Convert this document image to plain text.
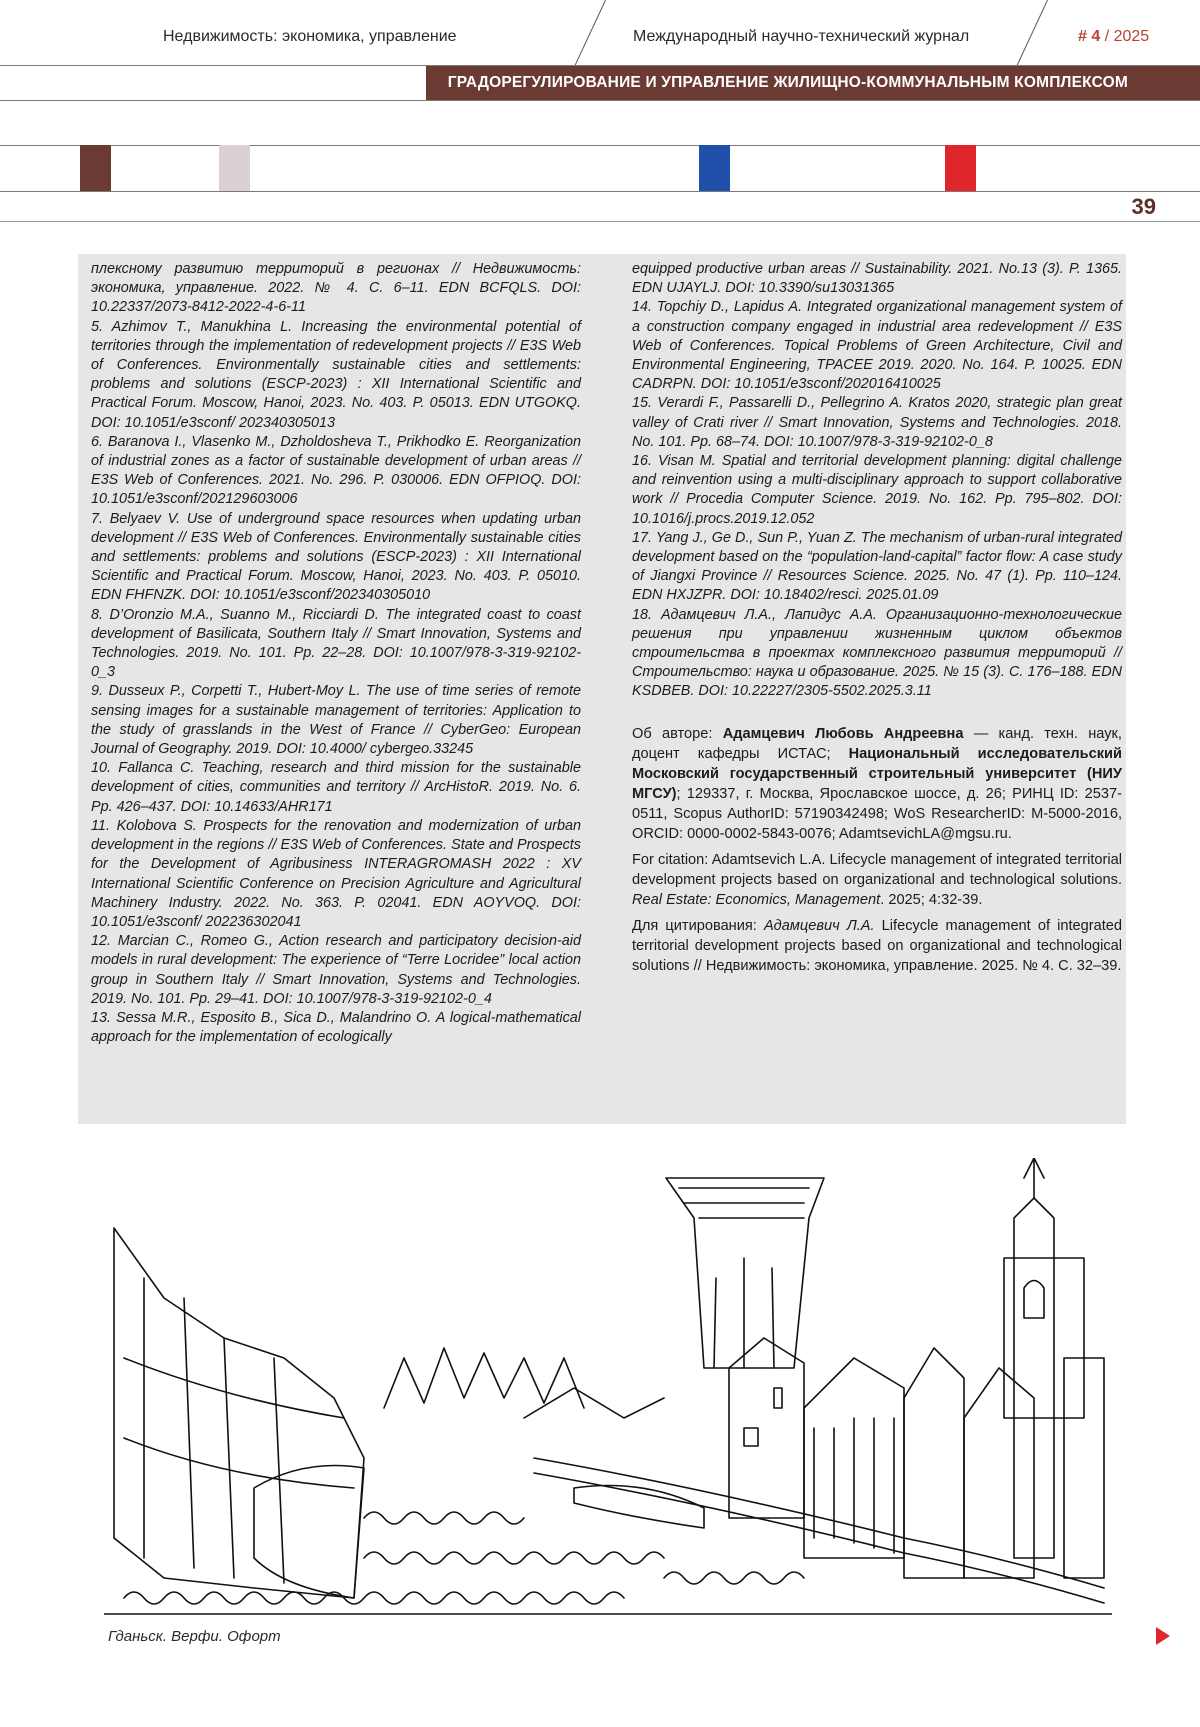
Недвижимость: экономика, управление	Международный научно-технический журнал	# 4 / 2025
ГРАДОРЕГУЛИРОВАНИЕ И УПРАВЛЕНИЕ ЖИЛИЩНО-КОММУНАЛЬНЫМ КОМПЛЕКСОМ
39

плексному развитию территорий в регионах // Недвижимость: экономика, управление. 2022. № 4. С. 6–11. EDN BCFQLS. DOI: 10.22337/2073-8412-2022-4-6-11

5. Azhimov T., Manukhina L. Increasing the environmental potential of territories through the implementation of redevelopment projects // E3S Web of Conferences. Environmentally sustainable cities and settlements: problems and solutions (ESCP-2023) : XII International Scientific and Practical Forum. Moscow, Hanoi, 2023. No. 403. P. 05013. EDN UTGOKQ. DOI: 10.1051/e3sconf/ 202340305013

6. Baranova I., Vlasenko M., Dzholdosheva T., Prikhodko E. Reorganization of industrial zones as a factor of sustainable development of urban areas // E3S Web of Conferences. 2021. No. 296. P. 030006. EDN OFPIOQ. DOI: 10.1051/e3sconf/202129603006

7. Belyaev V. Use of underground space resources when updating urban development // E3S Web of Conferences. Environmentally sustainable cities and settlements: problems and solutions (ESCP-2023) : XII International Scientific and Practical Forum. Moscow, Hanoi, 2023. No. 403. P. 05010. EDN FHFNZK. DOI: 10.1051/e3sconf/202340305010

8. D’Oronzio M.A., Suanno M., Ricciardi D. The integrated coast to coast development of Basilicata, Southern Italy // Smart Innovation, Systems and Technologies. 2019. No. 101. Pp. 22–28. DOI: 10.1007/978-3-319-92102-0_3

9. Dusseux P., Corpetti T., Hubert-Moy L. The use of time series of remote sensing images for a sustainable management of territories: Application to the study of grasslands in the West of France // CyberGeo: European Journal of Geography. 2019. DOI: 10.4000/ cybergeo.33245

10. Fallanca C. Teaching, research and third mission for the sustainable development of cities, communities and territory // ArcHistoR. 2019. No. 6. Pp. 426–437. DOI: 10.14633/AHR171

11. Kolobova S. Prospects for the renovation and modernization of urban development in the regions // E3S Web of Conferences. State and Prospects for the Development of Agribusiness INTERAGROMASH 2022 : XV International Scientific Conference on Precision Agriculture and Agricultural Machinery Industry. 2022. No. 363. P. 02041. EDN AOYVOQ. DOI: 10.1051/e3sconf/ 202236302041

12. Marcian C., Romeo G., Action research and participatory decision-aid models in rural development: The experience of “Terre Locridee” local action group in Southern Italy // Smart Innovation, Systems and Technologies. 2019. No. 101. Pp. 29–41. DOI: 10.1007/978-3-319-92102-0_4

13. Sessa M.R., Esposito B., Sica D., Malandrino O. A logical-mathematical approach for the implementation of ecologically

equipped productive urban areas // Sustainability. 2021. No.13 (3). P. 1365. EDN UJAYLJ. DOI: 10.3390/su13031365

14. Topchiy D., Lapidus A. Integrated organizational management system of a construction company engaged in industrial area redevelopment // E3S Web of Conferences. Topical Problems of Green Architecture, Civil and Environmental Engineering, TPACEE 2019. 2020. No. 164. P. 10025. EDN CADRPN. DOI: 10.1051/e3sconf/202016410025

15. Verardi F., Passarelli D., Pellegrino A. Kratos 2020, strategic plan great valley of Crati river // Smart Innovation, Systems and Technologies. 2018. No. 101. Pp. 68–74. DOI: 10.1007/978-3-319-92102-0_8

16. Visan M. Spatial and territorial development planning: digital challenge and reinvention using a multi-disciplinary approach to support collaborative work // Procedia Computer Science. 2019. No. 162. Pp. 795–802. DOI: 10.1016/j.procs.2019.12.052

17. Yang J., Ge D., Sun P., Yuan Z. The mechanism of urban-rural integrated development based on the “population-land-capital” factor flow: A case study of Jiangxi Province // Resources Science. 2025. No. 47 (1). Pp. 110–124. EDN HXJZPR. DOI: 10.18402/resci. 2025.01.09

18. Адамцевич Л.А., Лапидус А.А. Организационно-технологические решения при управлении жизненным циклом объектов строительства в проектах комплексного развития территорий // Строительство: наука и образование. 2025. № 15 (3). С. 176–188. EDN KSDBEB. DOI: 10.22227/2305-5502.2025.3.11

Об авторе: Адамцевич Любовь Андреевна — канд. техн. наук, доцент кафедры ИСТАС; Национальный исследовательский Московский государственный строительный университет (НИУ МГСУ); 129337, г. Москва, Ярославское шоссе, д. 26; РИНЦ ID: 2537-0511, Scopus AuthorID: 57190342498; WoS ResearcherID: M-5000-2016, ORCID: 0000-0002-5843-0076; AdamtsevichLA@mgsu.ru.

For citation: Adamtsevich L.A. Lifecycle management of integrated territorial development projects based on organizational and technological solutions. Real Estate: Economics, Management. 2025; 4:32-39.

Для цитирования: Адамцевич Л.А. Lifecycle management of integrated territorial development projects based on organizational and technological solutions // Недвижимость: экономика, управление. 2025. № 4. С. 32–39.

Гданьск. Верфи. Офорт
